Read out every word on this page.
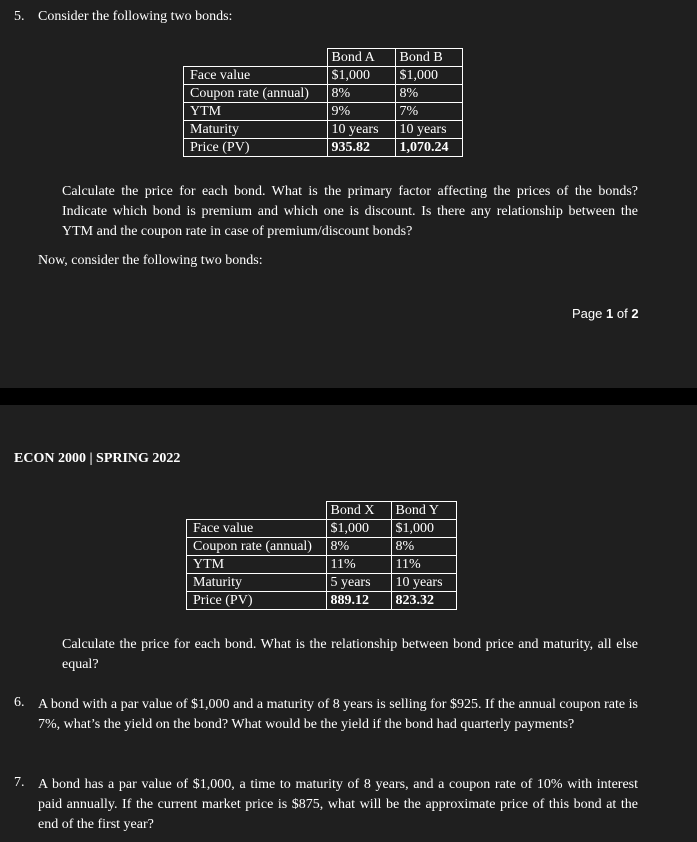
5. Consider the following two bonds:
	Bond A	Bond B
Face value	$1,000	$1,000
Coupon rate (annual)	8%	8%
YTM	9%	7%
Maturity	10 years	10 years
Price (PV)	935.82	1,070.24
Calculate the price for each bond. What is the primary factor affecting the prices of the bonds? Indicate which bond is premium and which one is discount. Is there any relationship between the YTM and the coupon rate in case of premium/discount bonds?
Now, consider the following two bonds:
Page 1 of 2
ECON 2000 | SPRING 2022
	Bond X	Bond Y
Face value	$1,000	$1,000
Coupon rate (annual)	8%	8%
YTM	11%	11%
Maturity	5 years	10 years
Price (PV)	889.12	823.32
Calculate the price for each bond. What is the relationship between bond price and maturity, all else equal?
6. A bond with a par value of $1,000 and a maturity of 8 years is selling for $925. If the annual coupon rate is 7%, what’s the yield on the bond? What would be the yield if the bond had quarterly payments?
7. A bond has a par value of $1,000, a time to maturity of 8 years, and a coupon rate of 10% with interest paid annually. If the current market price is $875, what will be the approximate price of this bond at the end of the first year?
